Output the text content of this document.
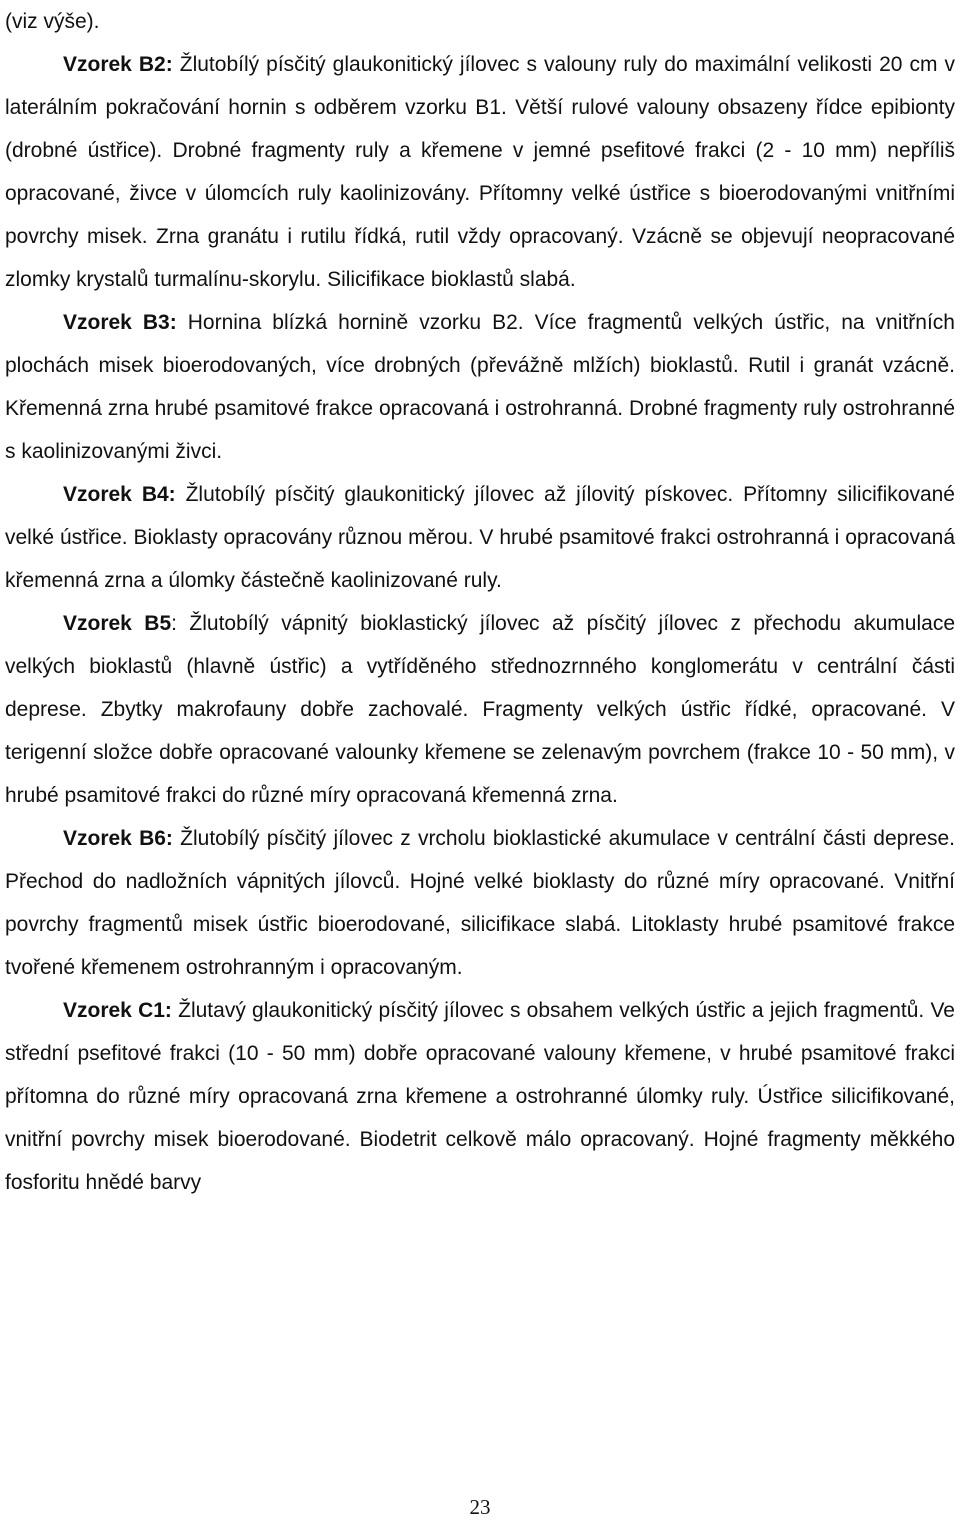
(viz výše).

Vzorek B2: Žlutobílý písčitý glaukonitický jílovec s valouny ruly do maximální velikosti 20 cm v laterálním pokračování hornin s odběrem vzorku B1. Větší rulové valouny obsazeny řídce epibionty (drobné ústřice). Drobné fragmenty ruly a křemene v jemné psefitové frakci (2 - 10 mm) nepříliš opracované, živce v úlomcích ruly kaolinizovány. Přítomny velké ústřice s bioerodovanými vnitřními povrchy misek. Zrna granátu i rutilu řídká, rutil vždy opracovaný. Vzácně se objevují neopracované zlomky krystalů turmalínu-skorylu. Silicifikace bioklastů slabá.

Vzorek B3: Hornina blízká hornině vzorku B2. Více fragmentů velkých ústřic, na vnitřních plochách misek bioerodovaných, více drobných (převážně mlžích) bioklastů. Rutil i granát vzácně. Křemenná zrna hrubé psamitové frakce opracovaná i ostrohranná. Drobné fragmenty ruly ostrohranné s kaolinizovanými živci.

Vzorek B4: Žlutobílý písčitý glaukonitický jílovec až jílovitý pískovec. Přítomny silicifikované velké ústřice. Bioklasty opracovány různou měrou. V hrubé psamitové frakci ostrohranná i opracovaná křemenná zrna a úlomky částečně kaolinizované ruly.

Vzorek B5: Žlutobílý vápnitý bioklastický jílovec až písčitý jílovec z přechodu akumulace velkých bioklastů (hlavně ústřic) a vytříděného střednozrnného konglomerátu v centrální části deprese. Zbytky makrofauny dobře zachovalé. Fragmenty velkých ústřic řídké, opracované. V terigenní složce dobře opracované valounky křemene se zelenavým povrchem (frakce 10 - 50 mm), v hrubé psamitové frakci do různé míry opracovaná křemenná zrna.

Vzorek B6: Žlutobílý písčitý jílovec z vrcholu bioklastické akumulace v centrální části deprese. Přechod do nadložních vápnitých jílovců. Hojné velké bioklasty do různé míry opracované. Vnitřní povrchy fragmentů misek ústřic bioerodované, silicifikace slabá. Litoklasty hrubé psamitové frakce tvořené křemenem ostrohranným i opracovaným.

Vzorek C1: Žlutavý glaukonitický písčitý jílovec s obsahem velkých ústřic a jejich fragmentů. Ve střední psefitové frakci (10 - 50 mm) dobře opracované valouny křemene, v hrubé psamitové frakci přítomna do různé míry opracovaná zrna křemene a ostrohranné úlomky ruly. Ústřice silicifikované, vnitřní povrchy misek bioerodované. Biodetrit celkově málo opracovaný. Hojné fragmenty měkkého fosforitu hnědé barvy

23
